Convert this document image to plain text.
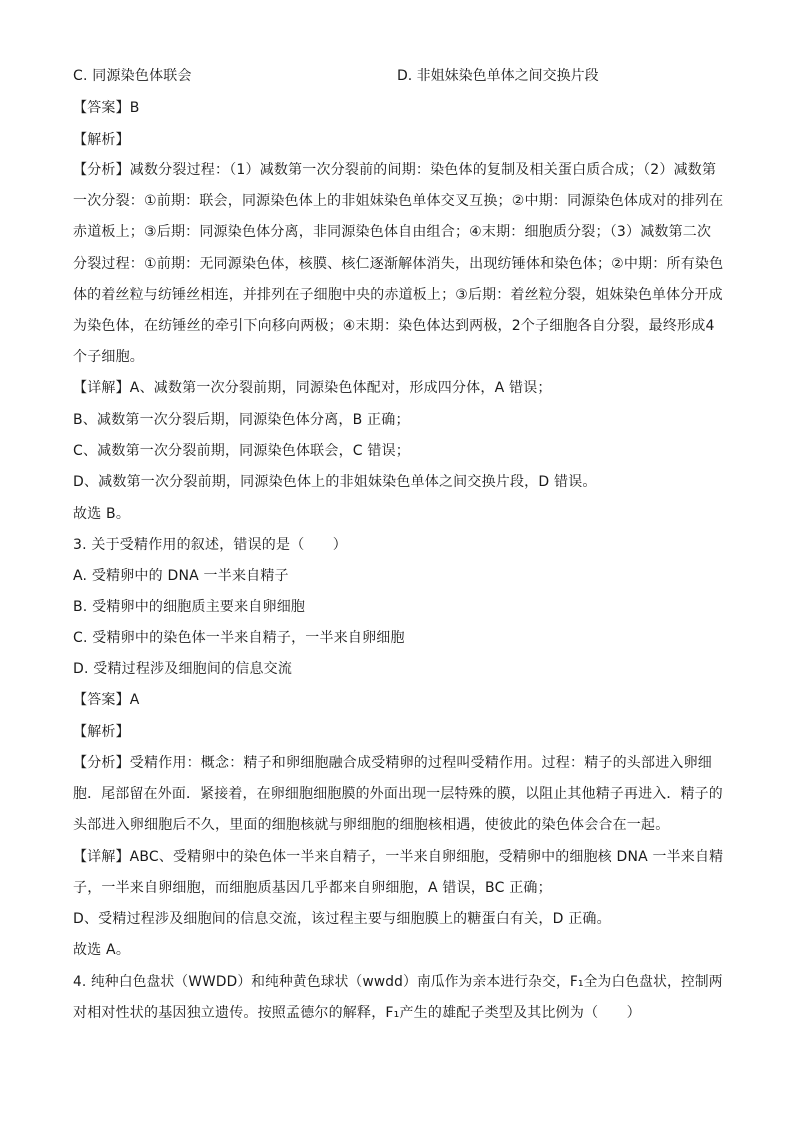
C. 同源染色体联会	D. 非姐妹染色单体之间交换片段
【答案】B
【解析】
【分析】减数分裂过程：（1）减数第一次分裂前的间期：染色体的复制及相关蛋白质合成；（2）减数第
一次分裂：①前期：联会，同源染色体上的非姐妹染色单体交叉互换；②中期：同源染色体成对的排列在
赤道板上；③后期：同源染色体分离，非同源染色体自由组合；④末期：细胞质分裂；（3）减数第二次
分裂过程：①前期：无同源染色体，核膜、核仁逐渐解体消失，出现纺锤体和染色体；②中期：所有染色
体的着丝粒与纺锤丝相连，并排列在子细胞中央的赤道板上；③后期：着丝粒分裂，姐妹染色单体分开成
为染色体，在纺锤丝的牵引下向移向两极；④末期：染色体达到两极，2个子细胞各自分裂，最终形成4
个子细胞。
【详解】A、减数第一次分裂前期，同源染色体配对，形成四分体，A 错误；
B、减数第一次分裂后期，同源染色体分离，B 正确；
C、减数第一次分裂前期，同源染色体联会，C 错误；
D、减数第一次分裂前期，同源染色体上的非姐妹染色单体之间交换片段，D 错误。
故选 B。
3. 关于受精作用的叙述，错误的是（　　）
A. 受精卵中的 DNA 一半来自精子
B. 受精卵中的细胞质主要来自卵细胞
C. 受精卵中的染色体一半来自精子，一半来自卵细胞
D. 受精过程涉及细胞间的信息交流
【答案】A
【解析】
【分析】受精作用：概念：精子和卵细胞融合成受精卵的过程叫受精作用。过程：精子的头部进入卵细
胞．尾部留在外面．紧接着，在卵细胞细胞膜的外面出现一层特殊的膜，以阻止其他精子再进入．精子的
头部进入卵细胞后不久，里面的细胞核就与卵细胞的细胞核相遇，使彼此的染色体会合在一起。
【详解】ABC、受精卵中的染色体一半来自精子，一半来自卵细胞，受精卵中的细胞核 DNA 一半来自精
子，一半来自卵细胞，而细胞质基因几乎都来自卵细胞，A 错误，BC 正确；
D、受精过程涉及细胞间的信息交流，该过程主要与细胞膜上的糖蛋白有关，D 正确。
故选 A。
4. 纯种白色盘状（WWDD）和纯种黄色球状（wwdd）南瓜作为亲本进行杂交，F₁全为白色盘状，控制两
对相对性状的基因独立遗传。按照孟德尔的解释，F₁产生的雄配子类型及其比例为（　　）
